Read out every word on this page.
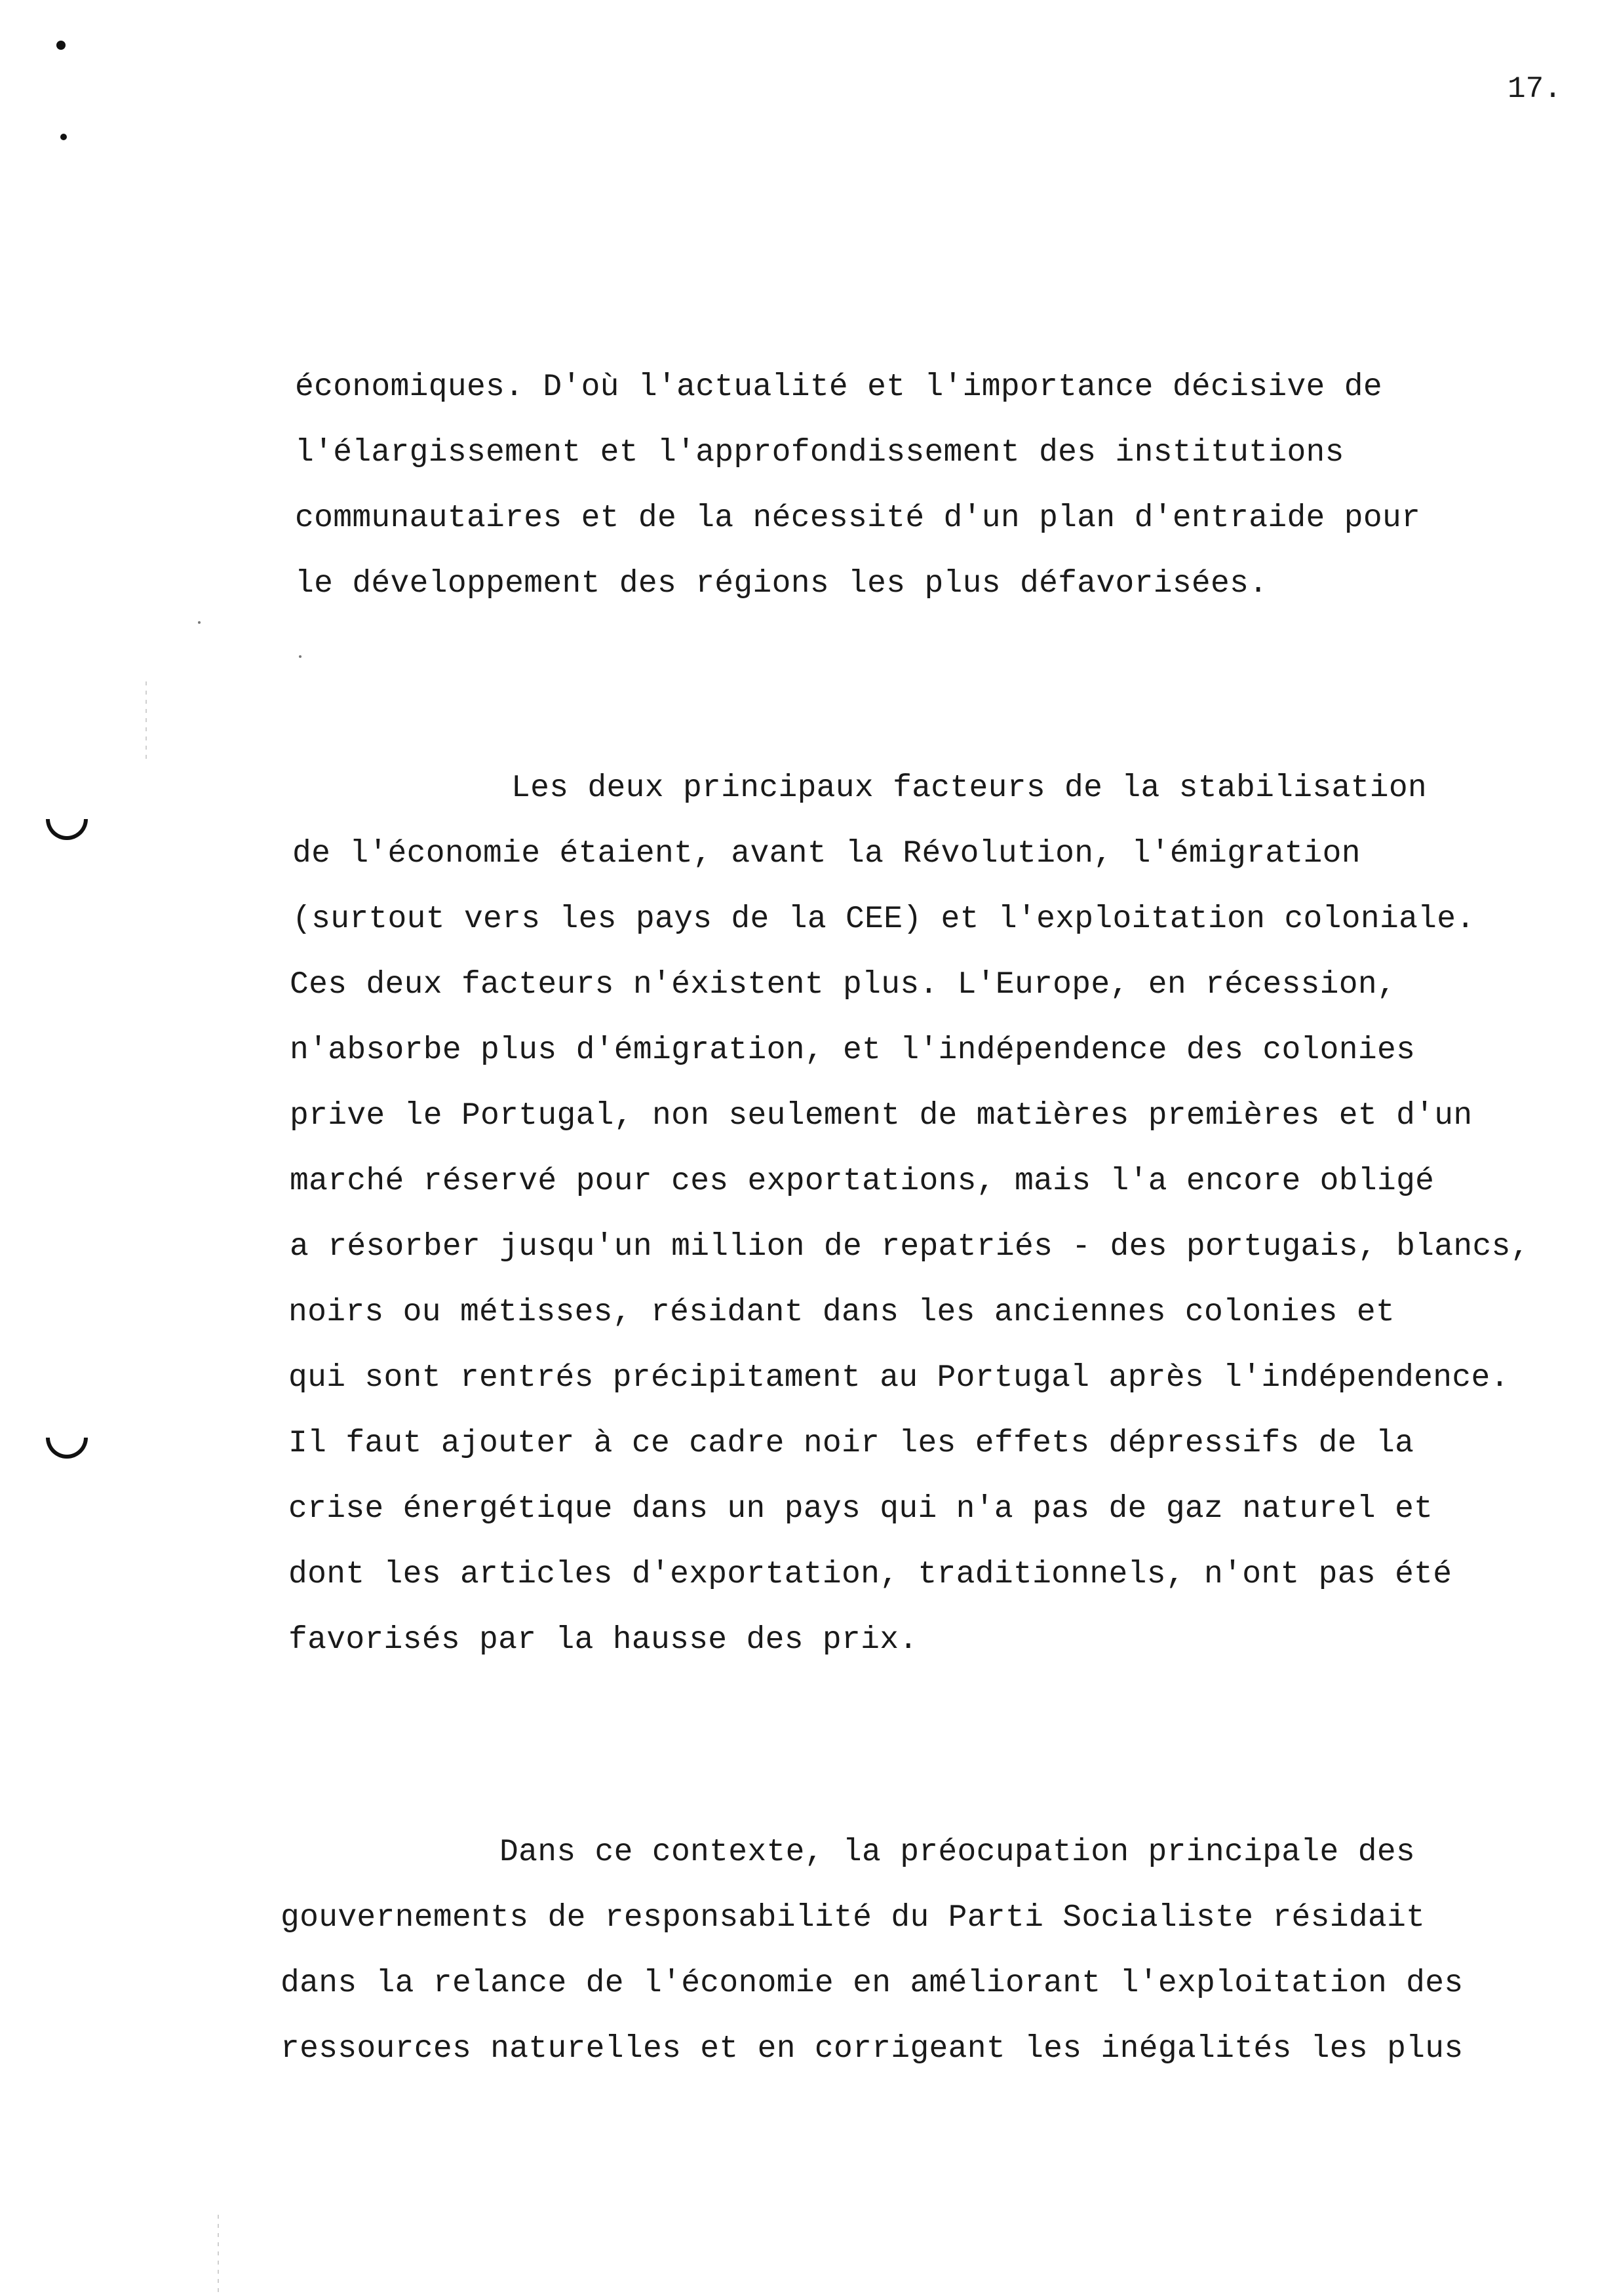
17.
économiques. D'où l'actualité et l'importance décisive de
l'élargissement et l'approfondissement des institutions
communautaires et de la nécessité d'un plan d'entraide pour
le développement des régions les plus défavorisées.
Les deux principaux facteurs de la stabilisation
de l'économie étaient, avant la Révolution, l'émigration
(surtout vers les pays de la CEE) et l'exploitation coloniale.
Ces deux facteurs n'éxistent plus. L'Europe, en récession,
n'absorbe plus d'émigration, et l'indépendence des colonies
prive le Portugal, non seulement de matières premières et d'un
marché réservé pour ces exportations, mais l'a encore obligé
a résorber jusqu'un million de repatriés - des portugais, blancs,
noirs ou métisses, résidant dans les anciennes colonies et
qui sont rentrés précipitament au Portugal après l'indépendence.
Il faut ajouter à ce cadre noir les effets dépressifs de la
crise énergétique dans un pays qui n'a pas de gaz naturel et
dont les articles d'exportation, traditionnels, n'ont pas été
favorisés par la hausse des prix.
Dans ce contexte, la préocupation principale des
gouvernements de responsabilité du Parti Socialiste résidait
dans la relance de l'économie en améliorant l'exploitation des
ressources naturelles et en corrigeant les inégalités les plus
